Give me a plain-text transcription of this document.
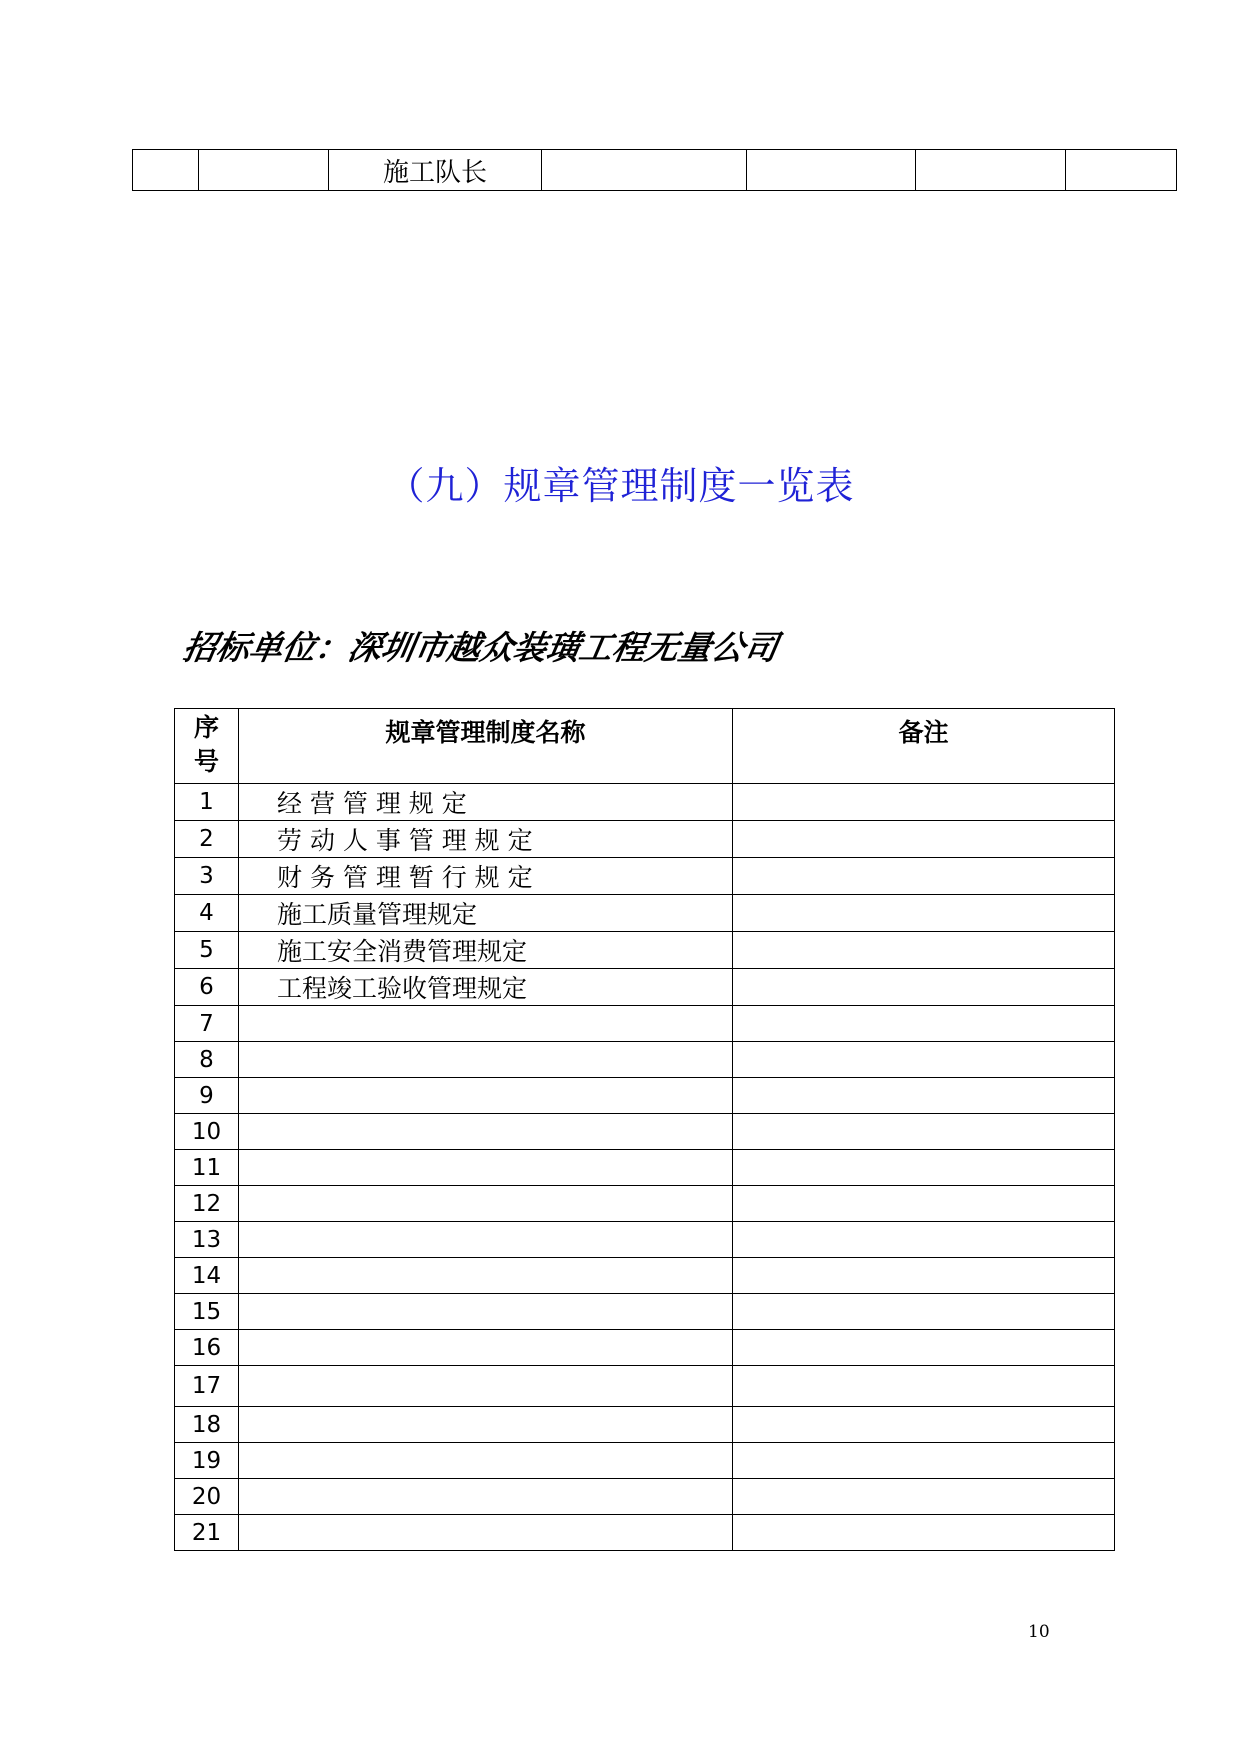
		施工队长				
（九）规章管理制度一览表
招标单位：深圳市越众装璜工程无量公司
序号	规章管理制度名称	备注
1	经 营 管 理 规 定	
2	劳 动 人 事 管 理 规 定	
3	财 务 管 理 暂 行 规 定	
4	施工质量管理规定	
5	施工安全消费管理规定	
6	工程竣工验收管理规定	
7		
8		
9		
10		
11		
12		
13		
14		
15		
16		
17		
18		
19		
20		
21		
10
